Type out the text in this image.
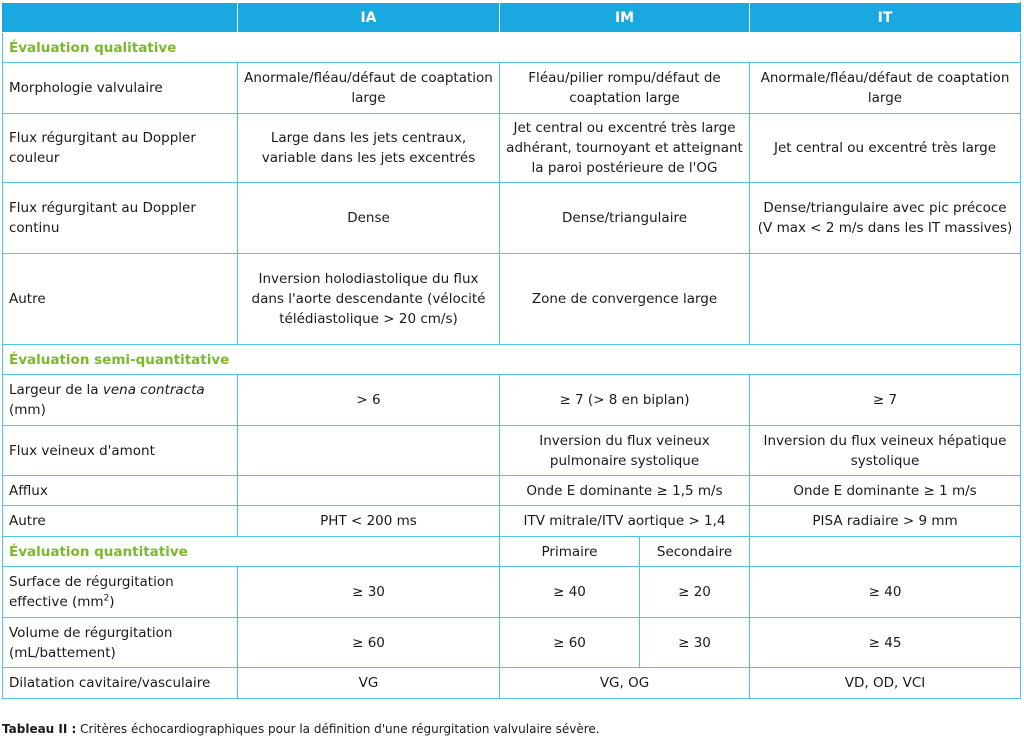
	IA	IM		IT
Évaluation qualitative				
Morphologie valvulaire	Anormale/fléau/défaut de coaptation large	Fléau/pilier rompu/défaut de coaptation large		Anormale/fléau/défaut de coaptation large
Flux régurgitant au Doppler couleur	Large dans les jets centraux, variable dans les jets excentrés	Jet central ou excentré très large adhérant, tournoyant et atteignant la paroi postérieure de l'OG		Jet central ou excentré très large
Flux régurgitant au Doppler continu	Dense	Dense/triangulaire		Dense/triangulaire avec pic précoce (V max < 2 m/s dans les IT massives)
Autre	Inversion holodiastolique du flux dans l'aorte descendante (vélocité télédiastolique > 20 cm/s)	Zone de convergence large		
Évaluation semi-quantitative				
Largeur de la vena contracta (mm)	> 6	≥ 7 (> 8 en biplan)		≥ 7
Flux veineux d'amont		Inversion du flux veineux pulmonaire systolique		Inversion du flux veineux hépatique systolique
Afflux		Onde E dominante ≥ 1,5 m/s		Onde E dominante ≥ 1 m/s
Autre	PHT < 200 ms	ITV mitrale/ITV aortique > 1,4		PISA radiaire > 9 mm
Évaluation quantitative		Primaire	Secondaire	
Surface de régurgitation effective $(mm^2)$	≥ 30	≥ 40	≥ 20	≥ 40
Volume de régurgitation (mL/battement)	≥ 60	≥ 60	≥ 30	≥ 45
Dilatation cavitaire/vasculaire	VG	VG, OG		VD, OD, VCI
Tableau II : Critères échocardiographiques pour la définition d'une régurgitation valvulaire sévère.
